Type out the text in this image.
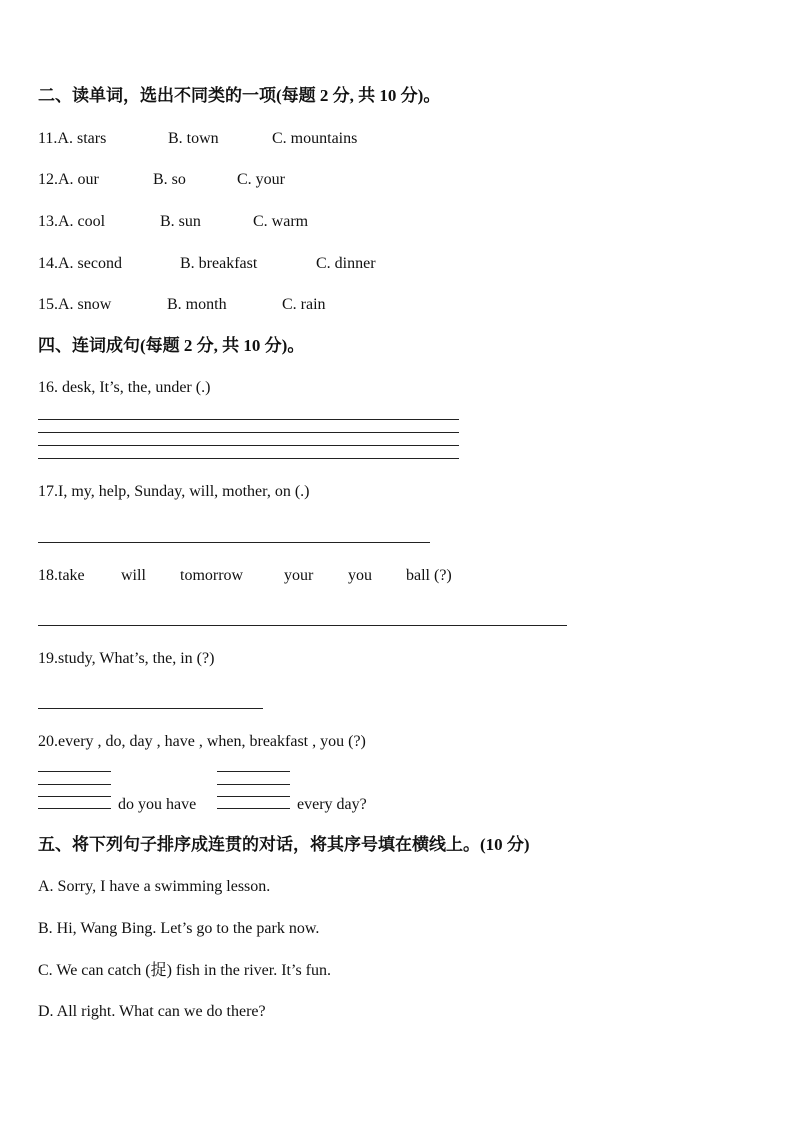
二、读单词，选出不同类的一项(每题 2 分, 共 10 分)。
11.A. stars	B. town	C. mountains
12.A. our	B. so	C. your
13.A. cool	B. sun	C. warm
14.A. second	B. breakfast	C. dinner
15.A. snow	B. month	C. rain
四、连词成句(每题 2 分, 共 10 分)。
16. desk, It’s, the, under (.)
17.I, my, help, Sunday, will, mother, on (.)
18.take will tomorrow	your you ball (?)
19.study, What’s, the, in (?)
20.every , do, day , have , when, breakfast , you (?)
do you have	every day?
五、将下列句子排序成连贯的对话，将其序号填在横线上。(10 分)
A. Sorry, I have a swimming lesson.
B. Hi, Wang Bing. Let’s go to the park now.
C. We can catch (捉) fish in the river. It’s fun.
D. All right. What can we do there?
